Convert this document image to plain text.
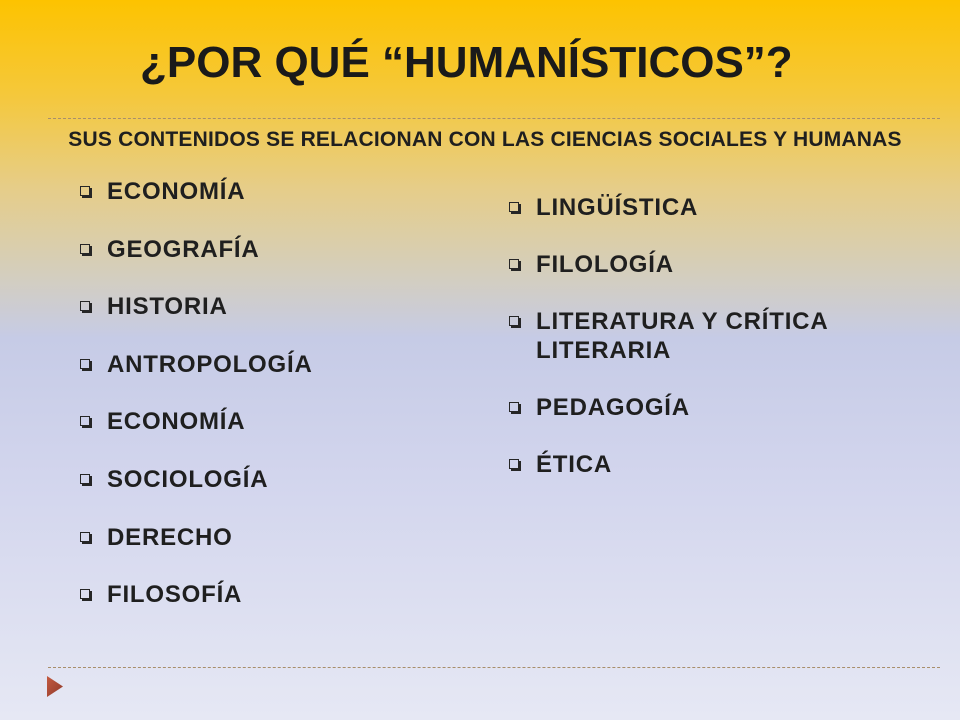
¿POR QUÉ “HUMANÍSTICOS”?

SUS CONTENIDOS SE RELACIONAN CON LAS CIENCIAS SOCIALES Y HUMANAS

ECONOMÍA
GEOGRAFÍA
HISTORIA
ANTROPOLOGÍA
ECONOMÍA
SOCIOLOGÍA
DERECHO
FILOSOFÍA
LINGÜÍSTICA
FILOLOGÍA
LITERATURA Y CRÍTICA LITERARIA
PEDAGOGÍA
ÉTICA
